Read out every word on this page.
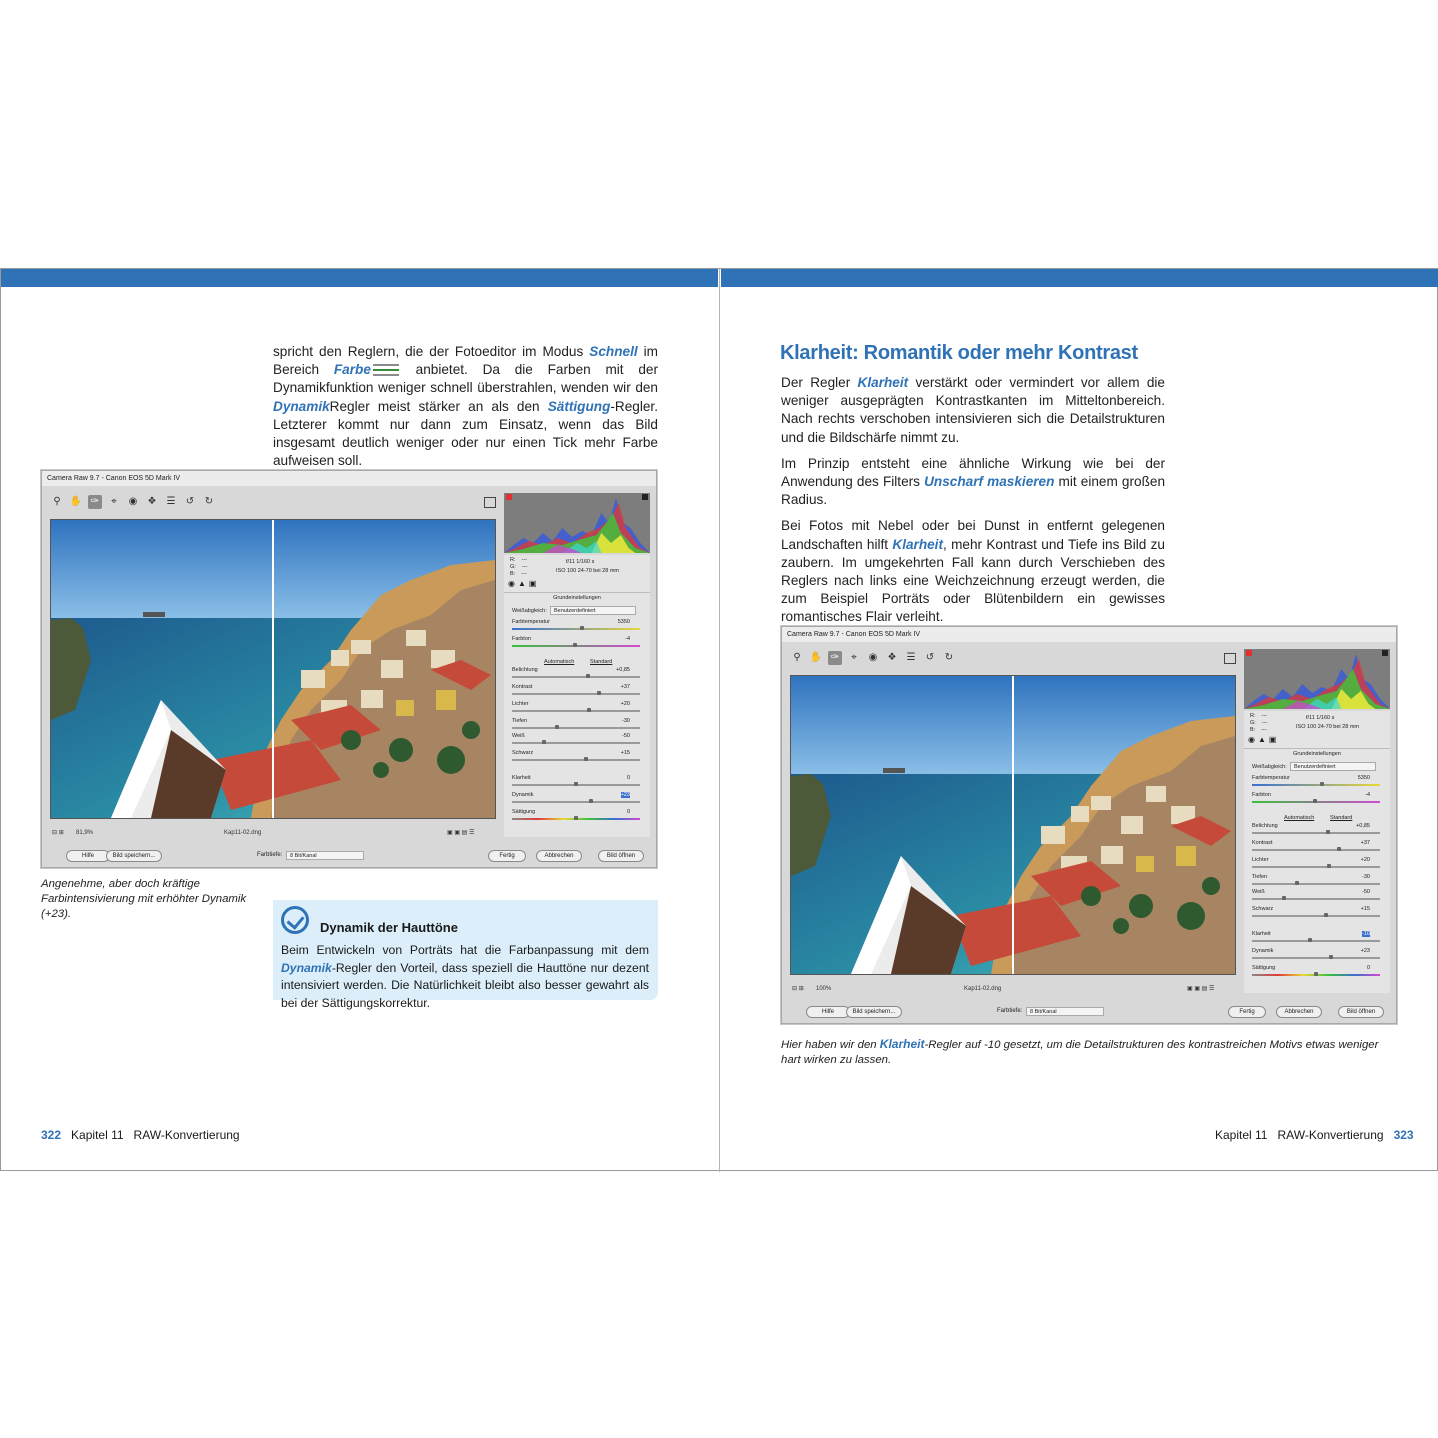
spricht den Reglern, die der Fotoeditor im Modus Schnell im Bereich Farbe anbietet. Da die Farben mit der Dynamikfunktion weniger schnell überstrahlen, wenden wir den DynamikRegler meist stärker an als den Sättigung-Regler. Letzterer kommt nur dann zum Einsatz, wenn das Bild insgesamt deutlich weniger oder nur einen Tick mehr Farbe aufweisen soll.

Camera Raw 9.7 - Canon EOS 5D Mark IV
⚲ ✋ ✑	⌖	◉ ❖ ☰ ↺ ↻
81,9%	Kap11-02.dng	▣ ▣ ▤ ☰
⊟ ⊞
R: ---
G: ---
B: ---
f/11 1/160 s
ISO 100 24-70 bei 28 mm
◉ ▲ ▣
Grundeinstellungen
Weißabgleich:	Benutzerdefiniert
Automatisch	Standard
Farbtemperatur	5350
Farbton	-4
Belichtung	+0,85
Kontrast	+37
Lichter	+20
Tiefen	-30
Weiß	-50
Schwarz	+15
Klarheit	0
Dynamik	+23
Sättigung	0
Hilfe	Bild speichern...	Fertig	Abbrechen	Bild öffnen
Farbtiefe:	8 Bit/Kanal
Angenehme, aber doch kräftige Farbintensivierung mit erhöhter Dynamik (+23).
Dynamik der Hauttöne
Beim Entwickeln von Porträts hat die Farbanpassung mit dem Dynamik-Regler den Vorteil, dass speziell die Hauttöne nur dezent intensiviert werden. Die Natürlichkeit bleibt also besser gewahrt als bei der Sättigungskorrektur.
322 Kapitel 11 RAW-Konvertierung
Klarheit: Romantik oder mehr Kontrast

Der Regler Klarheit verstärkt oder vermindert vor allem die weniger ausgeprägten Kontrastkanten im Mitteltonbereich. Nach rechts verschoben intensivieren sich die Detailstrukturen und die Bildschärfe nimmt zu.

Im Prinzip entsteht eine ähnliche Wirkung wie bei der Anwendung des Filters Unscharf maskieren mit einem großen Radius.

Bei Fotos mit Nebel oder bei Dunst in entfernt gelegenen Landschaften hilft Klarheit, mehr Kontrast und Tiefe ins Bild zu zaubern. Im umgekehrten Fall kann durch Verschieben des Reglers nach links eine Weichzeichnung erzeugt werden, die zum Beispiel Porträts oder Blütenbildern ein gewisses romantisches Flair verleiht.

Camera Raw 9.7 - Canon EOS 5D Mark IV
⚲ ✋ ✑	⌖	◉ ❖ ☰ ↺ ↻
100%	Kap11-02.dng	▣ ▣ ▤ ☰
⊟ ⊞
R: ---
G: ---
B: ---
f/11 1/160 s
ISO 100 24-70 bei 28 mm
◉ ▲ ▣
Grundeinstellungen
Weißabgleich:	Benutzerdefiniert
Automatisch	Standard
Farbtemperatur	5350
Farbton	-4
Belichtung	+0,85
Kontrast	+37
Lichter	+20
Tiefen	-30
Weiß	-50
Schwarz	+15
Klarheit	-10
Dynamik	+23
Sättigung	0
Hilfe	Bild speichern...	Fertig	Abbrechen	Bild öffnen
Farbtiefe:	8 Bit/Kanal
Hier haben wir den Klarheit-Regler auf -10 gesetzt, um die Detailstrukturen des kontrastreichen Motivs etwas weniger hart wirken zu lassen.
Kapitel 11 RAW-Konvertierung 323
